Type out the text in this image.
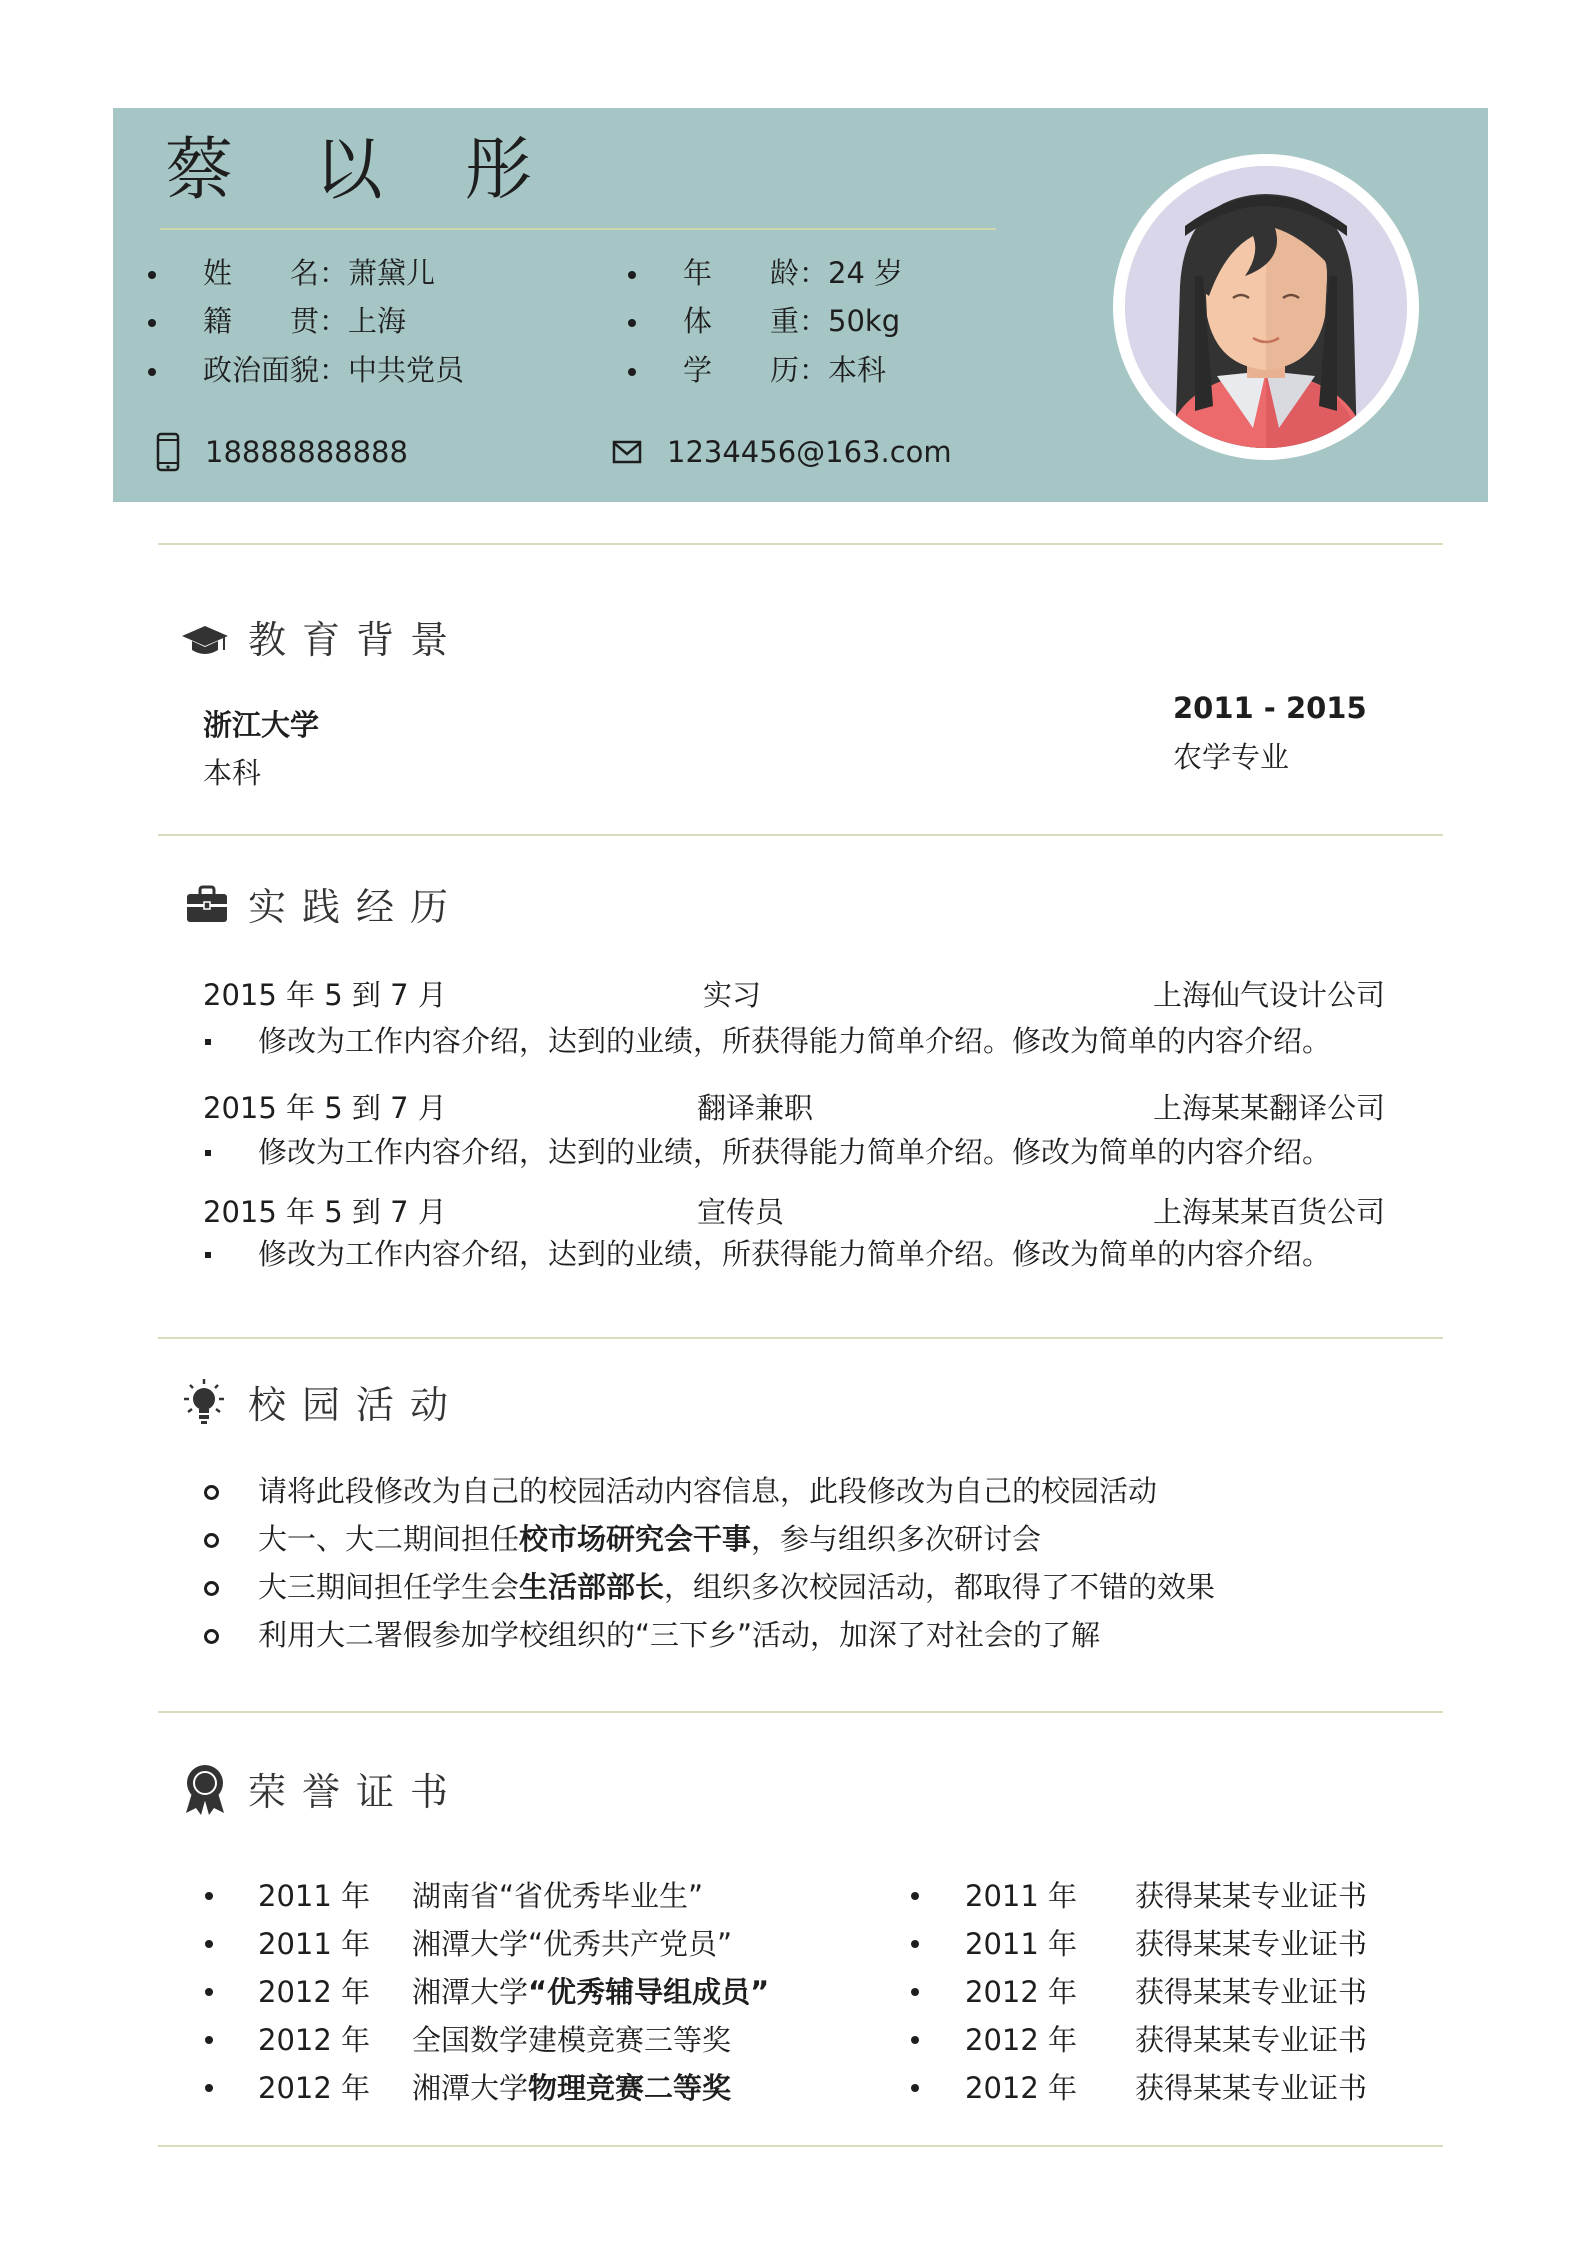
蔡 以 彤
姓　　名：萧黛儿
籍　　贯：上海
政治面貌：中共党员
年　　龄：24 岁
体　　重：50kg
学　　历：本科
18888888888	1234456@163.com
教育背景
浙江大学
本科
2011 - 2015
农学专业
实践经历
2015 年 5 到 7 月	实习	上海仙气设计公司
修改为工作内容介绍，达到的业绩，所获得能力简单介绍。修改为简单的内容介绍。
2015 年 5 到 7 月	翻译兼职	上海某某翻译公司
修改为工作内容介绍，达到的业绩，所获得能力简单介绍。修改为简单的内容介绍。
2015 年 5 到 7 月	宣传员	上海某某百货公司
修改为工作内容介绍，达到的业绩，所获得能力简单介绍。修改为简单的内容介绍。
校园活动
请将此段修改为自己的校园活动内容信息，此段修改为自己的校园活动
大一、大二期间担任校市场研究会干事，参与组织多次研讨会
大三期间担任学生会生活部部长，组织多次校园活动，都取得了不错的效果
利用大二署假参加学校组织的“三下乡”活动，加深了对社会的了解
荣誉证书
2011 年 湖南省“省优秀毕业生”
2011 年 湘潭大学“优秀共产党员”
2012 年 湘潭大学“优秀辅导组成员”
2012 年 全国数学建模竞赛三等奖
2012 年 湘潭大学物理竞赛二等奖
2011 年 获得某某专业证书
2011 年 获得某某专业证书
2012 年 获得某某专业证书
2012 年 获得某某专业证书
2012 年 获得某某专业证书
